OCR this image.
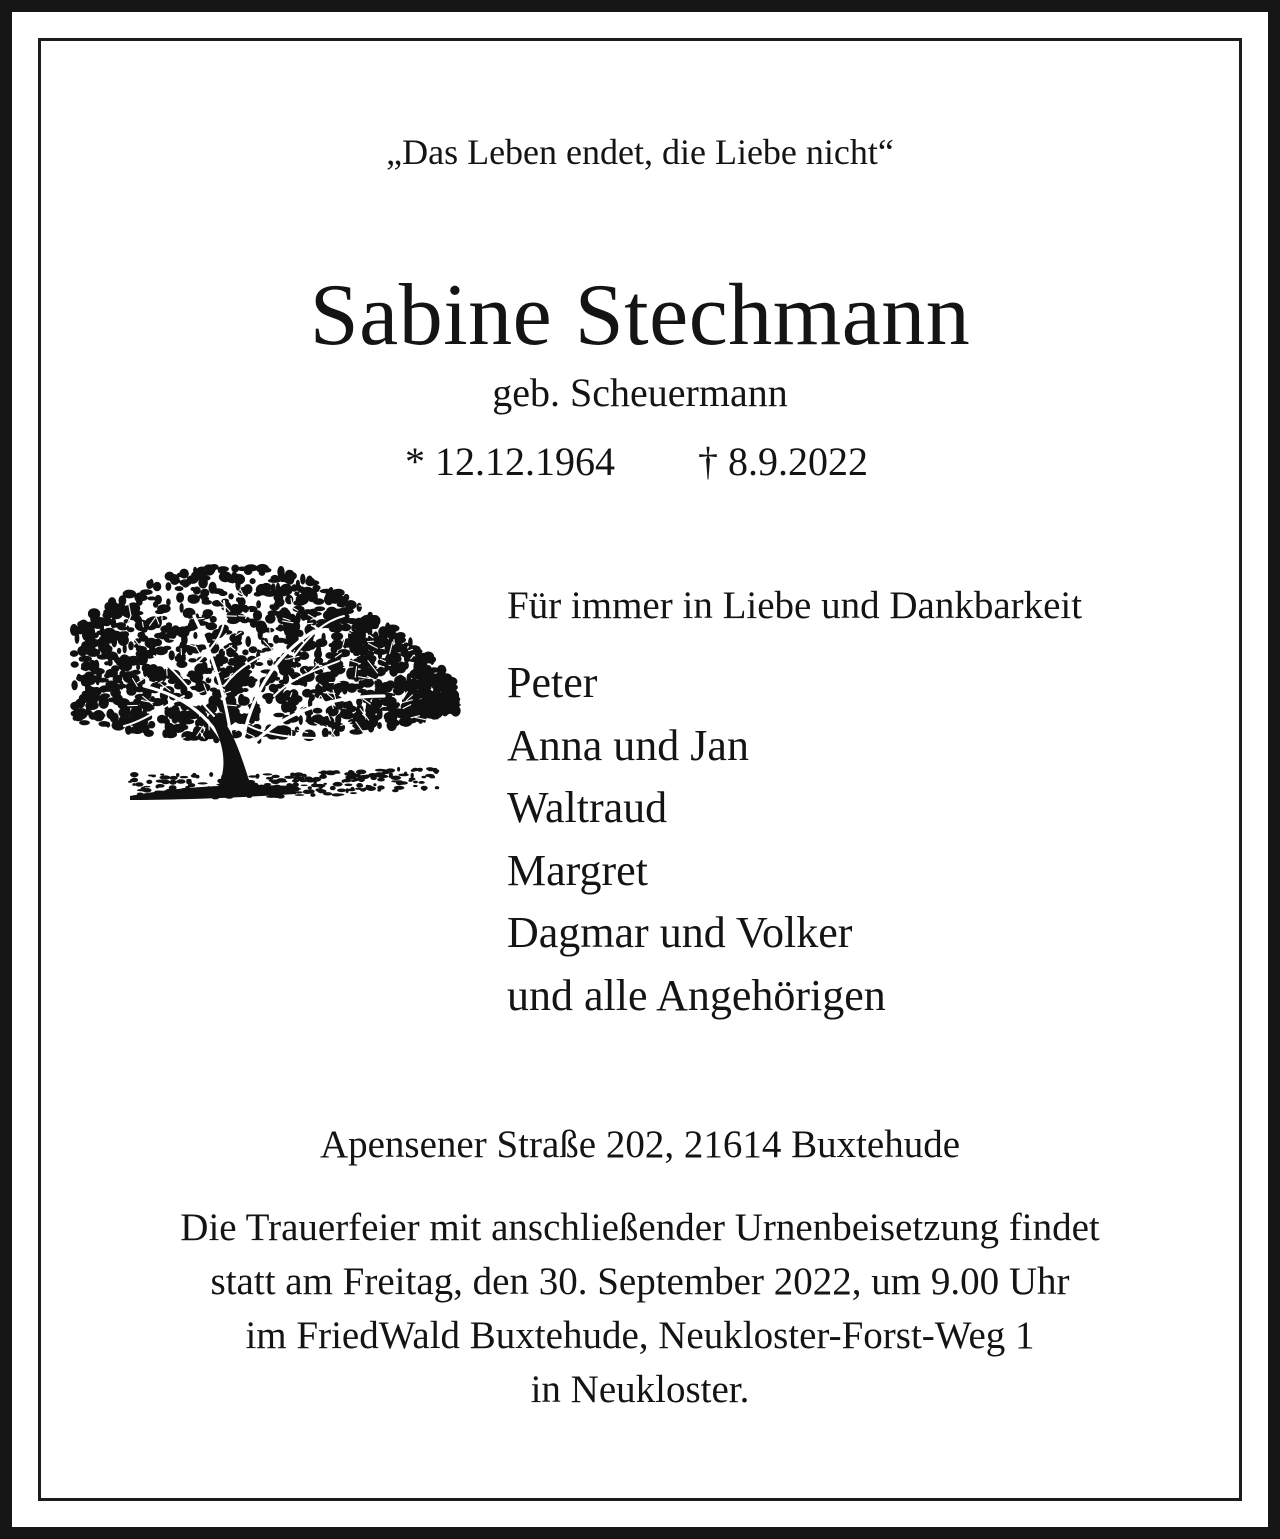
„Das Leben endet, die Liebe nicht“
Sabine Stechmann
geb. Scheuermann
* 12.12.1964 † 8.9.2022
Für immer in Liebe und Dankbarkeit
Peter
Anna und Jan
Waltraud
Margret
Dagmar und Volker
und alle Angehörigen
Apensener Straße 202, 21614 Buxtehude
Die Trauerfeier mit anschließender Urnenbeisetzung findet
statt am Freitag, den 30. September 2022, um 9.00 Uhr
im FriedWald Buxtehude, Neukloster-Forst-Weg 1
in Neukloster.
